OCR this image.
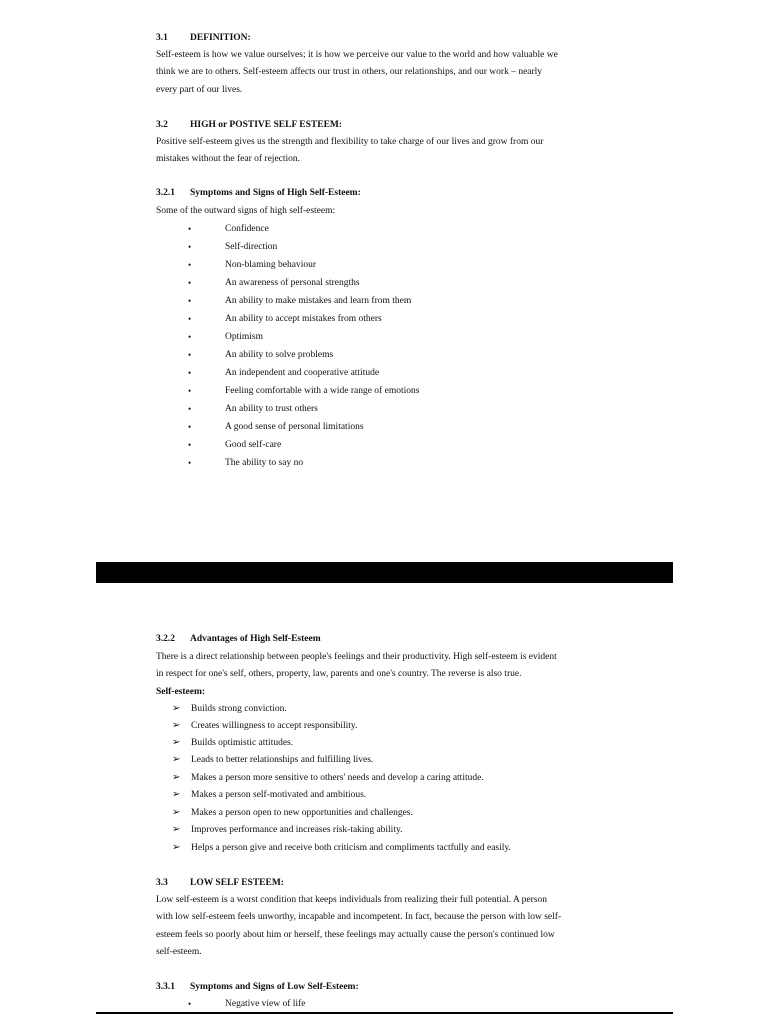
3.1 DEFINITION:
Self-esteem is how we value ourselves; it is how we perceive our value to the world and how valuable we
think we are to others. Self-esteem affects our trust in others, our relationships, and our work – nearly
every part of our lives.
3.2 HIGH or POSTIVE SELF ESTEEM:
Positive self-esteem gives us the strength and flexibility to take charge of our lives and grow from our
mistakes without the fear of rejection.
3.2.1 Symptoms and Signs of High Self-Esteem:
Some of the outward signs of high self-esteem:
•	Confidence
•	Self-direction
•	Non-blaming behaviour
•	An awareness of personal strengths
•	An ability to make mistakes and learn from them
•	An ability to accept mistakes from others
•	Optimism
•	An ability to solve problems
•	An independent and cooperative attitude
•	Feeling comfortable with a wide range of emotions
•	An ability to trust others
•	A good sense of personal limitations
•	Good self-care
•	The ability to say no
3.2.2 Advantages of High Self-Esteem
There is a direct relationship between people's feelings and their productivity. High self-esteem is evident
in respect for one's self, others, property, law, parents and one's country. The reverse is also true.
Self-esteem:
➢ Builds strong conviction.
➢ Creates willingness to accept responsibility.
➢ Builds optimistic attitudes.
➢ Leads to better relationships and fulfilling lives.
➢ Makes a person more sensitive to others' needs and develop a caring attitude.
➢ Makes a person self-motivated and ambitious.
➢ Makes a person open to new opportunities and challenges.
➢ Improves performance and increases risk-taking ability.
➢ Helps a person give and receive both criticism and compliments tactfully and easily.
3.3 LOW SELF ESTEEM:
Low self-esteem is a worst condition that keeps individuals from realizing their full potential. A person
with low self-esteem feels unworthy, incapable and incompetent. In fact, because the person with low self-
esteem feels so poorly about him or herself, these feelings may actually cause the person's continued low
self-esteem.
3.3.1 Symptoms and Signs of Low Self-Esteem:
•	Negative view of life
